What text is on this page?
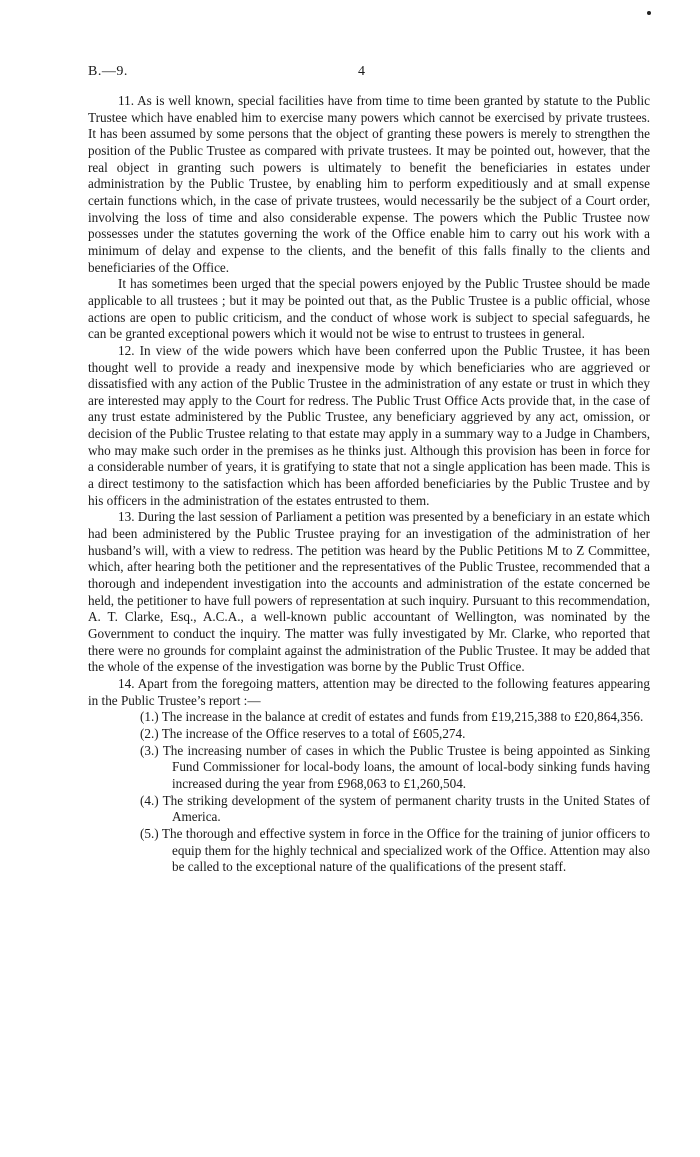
B.—9.	4

11. As is well known, special facilities have from time to time been granted by statute to the Public Trustee which have enabled him to exercise many powers which cannot be exercised by private trustees. It has been assumed by some persons that the object of granting these powers is merely to strengthen the position of the Public Trustee as compared with private trustees. It may be pointed out, however, that the real object in granting such powers is ultimately to benefit the beneficiaries in estates under administration by the Public Trustee, by enabling him to perform expeditiously and at small expense certain functions which, in the case of private trustees, would necessarily be the subject of a Court order, involving the loss of time and also considerable expense. The powers which the Public Trustee now possesses under the statutes governing the work of the Office enable him to carry out his work with a minimum of delay and expense to the clients, and the benefit of this falls finally to the clients and beneficiaries of the Office.

It has sometimes been urged that the special powers enjoyed by the Public Trustee should be made applicable to all trustees ; but it may be pointed out that, as the Public Trustee is a public official, whose actions are open to public criticism, and the conduct of whose work is subject to special safeguards, he can be granted exceptional powers which it would not be wise to entrust to trustees in general.

12. In view of the wide powers which have been conferred upon the Public Trustee, it has been thought well to provide a ready and inexpensive mode by which beneficiaries who are aggrieved or dissatisfied with any action of the Public Trustee in the administration of any estate or trust in which they are interested may apply to the Court for redress. The Public Trust Office Acts provide that, in the case of any trust estate administered by the Public Trustee, any beneficiary aggrieved by any act, omission, or decision of the Public Trustee relating to that estate may apply in a summary way to a Judge in Chambers, who may make such order in the premises as he thinks just. Although this provision has been in force for a considerable number of years, it is gratifying to state that not a single application has been made. This is a direct testimony to the satisfaction which has been afforded beneficiaries by the Public Trustee and by his officers in the administration of the estates entrusted to them.

13. During the last session of Parliament a petition was presented by a beneficiary in an estate which had been administered by the Public Trustee praying for an investigation of the administration of her husband’s will, with a view to redress. The petition was heard by the Public Petitions M to Z Committee, which, after hearing both the petitioner and the representatives of the Public Trustee, recommended that a thorough and independent investigation into the accounts and administration of the estate concerned be held, the petitioner to have full powers of representation at such inquiry. Pursuant to this recommendation, A. T. Clarke, Esq., A.C.A., a well-known public accountant of Wellington, was nominated by the Government to conduct the inquiry. The matter was fully investigated by Mr. Clarke, who reported that there were no grounds for complaint against the administration of the Public Trustee. It may be added that the whole of the expense of the investigation was borne by the Public Trust Office.

14. Apart from the foregoing matters, attention may be directed to the following features appearing in the Public Trustee’s report :—

(1.) The increase in the balance at credit of estates and funds from £19,215,388 to £20,864,356.
(2.) The increase of the Office reserves to a total of £605,274.
(3.) The increasing number of cases in which the Public Trustee is being appointed as Sinking Fund Commissioner for local-body loans, the amount of local-body sinking funds having increased during the year from £968,063 to £1,260,504.
(4.) The striking development of the system of permanent charity trusts in the United States of America.
(5.) The thorough and effective system in force in the Office for the training of junior officers to equip them for the highly technical and specialized work of the Office. Attention may also be called to the exceptional nature of the qualifications of the present staff.
